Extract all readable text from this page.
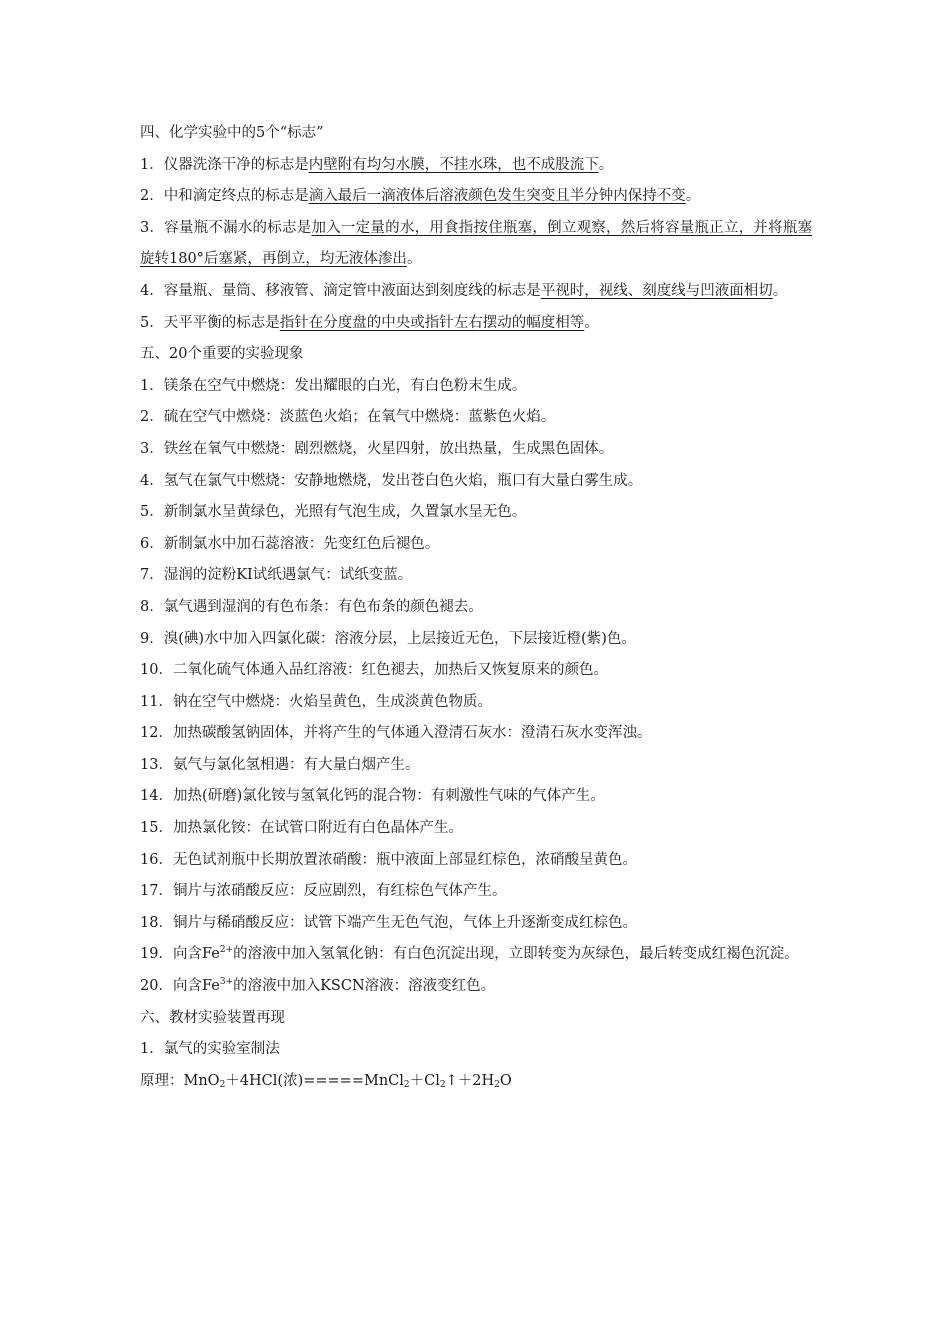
四、化学实验中的5个“标志”

1．仪器洗涤干净的标志是内壁附有均匀水膜，不挂水珠，也不成股流下。

2．中和滴定终点的标志是滴入最后一滴液体后溶液颜色发生突变且半分钟内保持不变。

3．容量瓶不漏水的标志是加入一定量的水，用食指按住瓶塞，倒立观察，然后将容量瓶正立，并将瓶塞旋转180°后塞紧，再倒立，均无液体渗出。

4．容量瓶、量筒、移液管、滴定管中液面达到刻度线的标志是平视时，视线、刻度线与凹液面相切。

5．天平平衡的标志是指针在分度盘的中央或指针左右摆动的幅度相等。

五、20个重要的实验现象

1．镁条在空气中燃烧：发出耀眼的白光，有白色粉末生成。

2．硫在空气中燃烧：淡蓝色火焰；在氧气中燃烧：蓝紫色火焰。

3．铁丝在氧气中燃烧：剧烈燃烧，火星四射，放出热量，生成黑色固体。

4．氢气在氯气中燃烧：安静地燃烧，发出苍白色火焰，瓶口有大量白雾生成。

5．新制氯水呈黄绿色，光照有气泡生成，久置氯水呈无色。

6．新制氯水中加石蕊溶液：先变红色后褪色。

7．湿润的淀粉KI试纸遇氯气：试纸变蓝。

8．氯气遇到湿润的有色布条：有色布条的颜色褪去。

9．溴(碘)水中加入四氯化碳：溶液分层，上层接近无色，下层接近橙(紫)色。

10．二氧化硫气体通入品红溶液：红色褪去，加热后又恢复原来的颜色。

11．钠在空气中燃烧：火焰呈黄色，生成淡黄色物质。

12．加热碳酸氢钠固体，并将产生的气体通入澄清石灰水：澄清石灰水变浑浊。

13．氨气与氯化氢相遇：有大量白烟产生。

14．加热(研磨)氯化铵与氢氧化钙的混合物：有刺激性气味的气体产生。

15．加热氯化铵：在试管口附近有白色晶体产生。

16．无色试剂瓶中长期放置浓硝酸：瓶中液面上部显红棕色，浓硝酸呈黄色。

17．铜片与浓硝酸反应：反应剧烈，有红棕色气体产生。

18．铜片与稀硝酸反应：试管下端产生无色气泡，气体上升逐渐变成红棕色。

19．向含$Fe^{2+}$的溶液中加入氢氧化钠：有白色沉淀出现，立即转变为灰绿色，最后转变成红褐色沉淀。

20．向含$Fe^{3+}$的溶液中加入KSCN溶液：溶液变红色。

六、教材实验装置再现

1．氯气的实验室制法

原理：MnO$_2$＋4HCl(浓)$=====MnCl_2+Cl_2↑+2H_2O$
